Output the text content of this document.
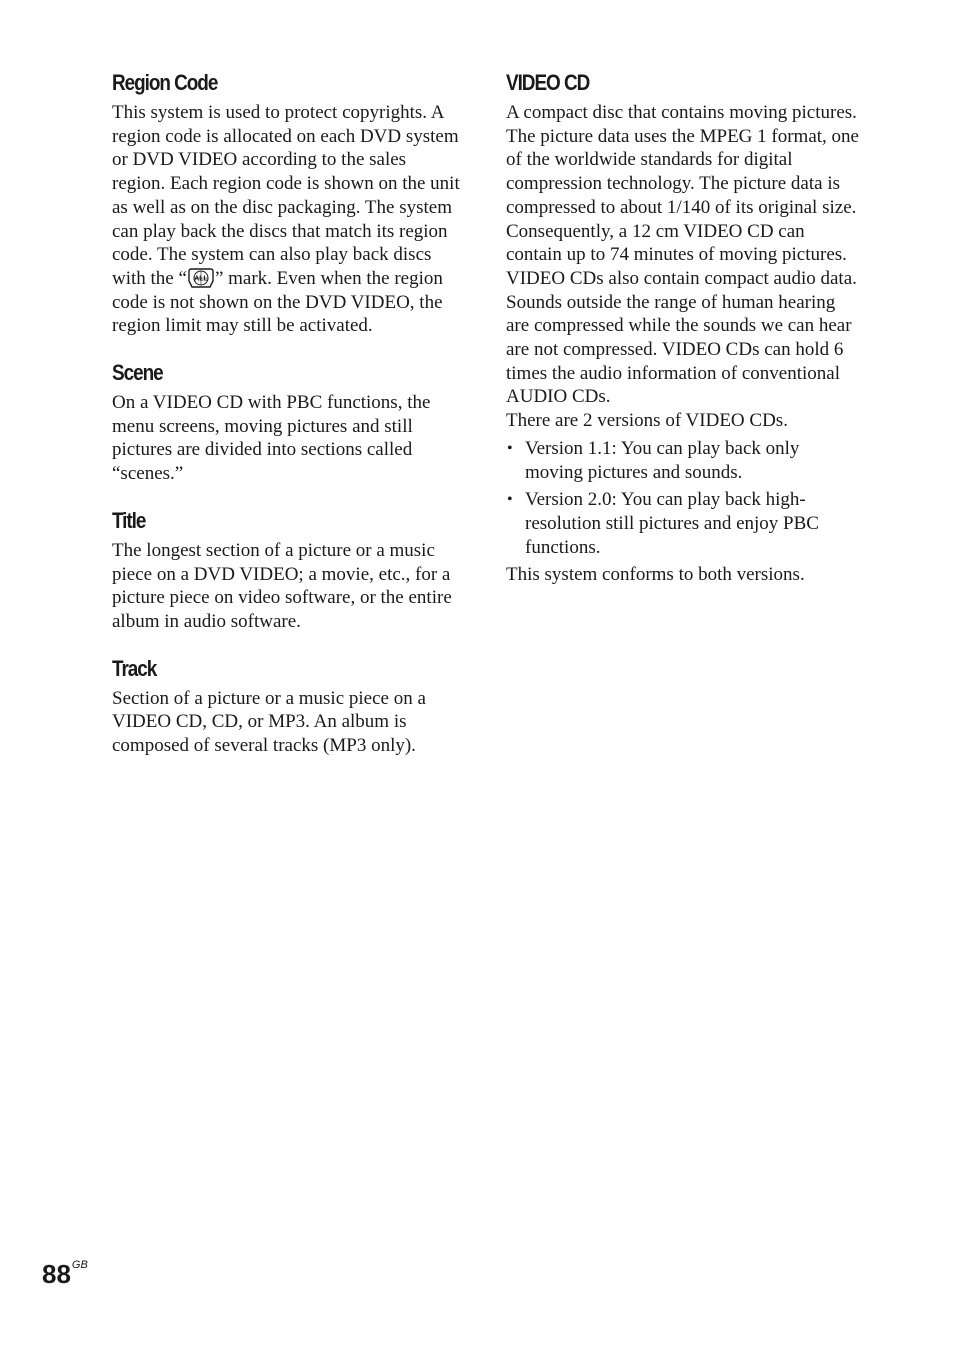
Region Code

This system is used to protect copyrights. A region code is allocated on each DVD system or DVD VIDEO according to the sales region. Each region code is shown on the unit as well as on the disc packaging. The system can play back the discs that match its region code. The system can also play back discs with the “ ALL ” mark. Even when the region code is not shown on the DVD VIDEO, the region limit may still be activated.

Scene

On a VIDEO CD with PBC functions, the menu screens, moving pictures and still pictures are divided into sections called “scenes.”

Title

The longest section of a picture or a music piece on a DVD VIDEO; a movie, etc., for a picture piece on video software, or the entire album in audio software.

Track

Section of a picture or a music piece on a VIDEO CD, CD, or MP3. An album is composed of several tracks (MP3 only).

VIDEO CD

A compact disc that contains moving pictures.

The picture data uses the MPEG 1 format, one of the worldwide standards for digital compression technology. The picture data is compressed to about 1/140 of its original size. Consequently, a 12 cm VIDEO CD can contain up to 74 minutes of moving pictures.

VIDEO CDs also contain compact audio data.

Sounds outside the range of human hearing are compressed while the sounds we can hear are not compressed. VIDEO CDs can hold 6 times the audio information of conventional AUDIO CDs.

There are 2 versions of VIDEO CDs.

• Version 1.1: You can play back only moving pictures and sounds.
• Version 2.0: You can play back high-resolution still pictures and enjoy PBC functions.

This system conforms to both versions.

$88^{GB}$
